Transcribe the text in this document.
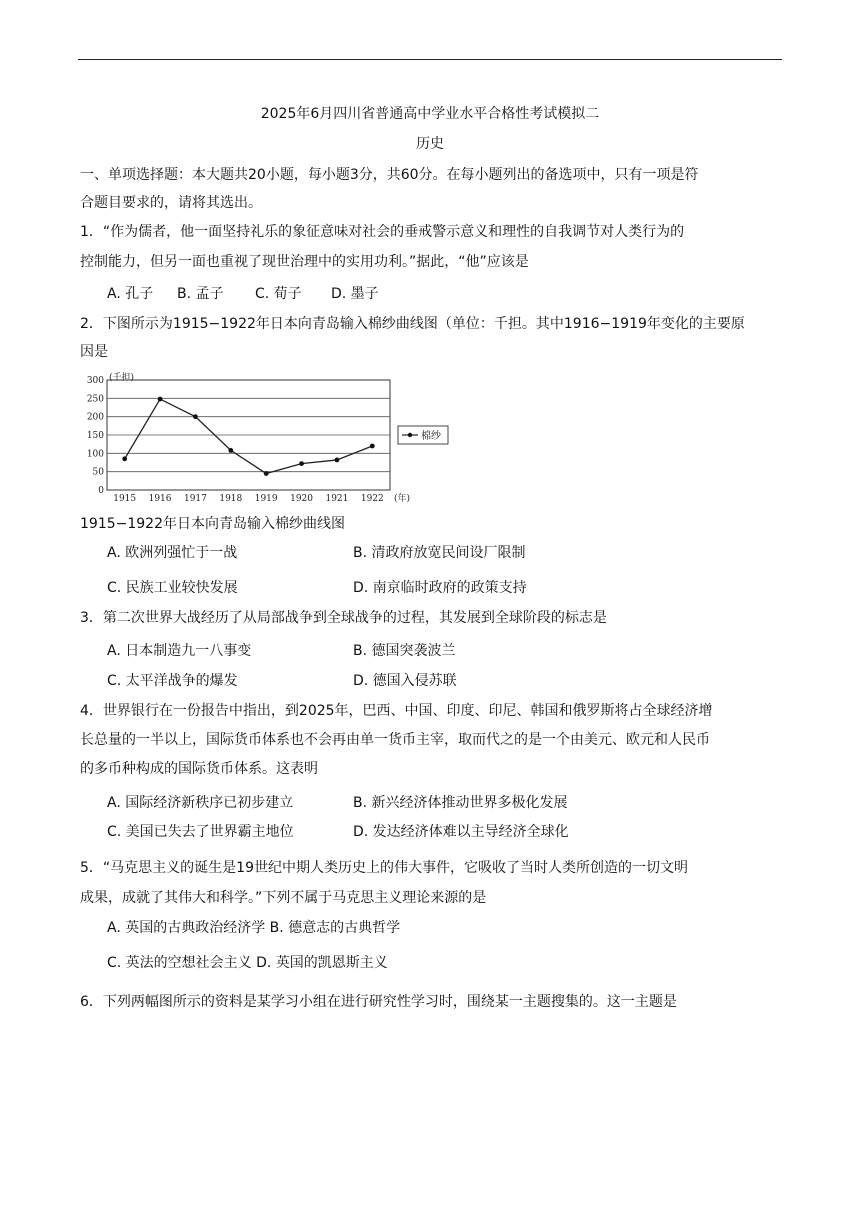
2025年6月四川省普通高中学业水平合格性考试模拟二
历史
一、单项选择题：本大题共20小题，每小题3分，共60分。在每小题列出的备选项中，只有一项是符
合题目要求的，请将其选出。
1．“作为儒者，他一面坚持礼乐的象征意味对社会的垂戒警示意义和理性的自我调节对人类行为的
控制能力，但另一面也重视了现世治理中的实用功利。”据此，“他”应该是
A. 孔子 B. 孟子 C. 荀子 D. 墨子
2．下图所示为1915−1922年日本向青岛输入棉纱曲线图（单位：千担。其中1916−1919年变化的主要原
因是
300
250
200
150
100
50
0
(千担)
1915 1916 1917 1918 1919 1920 1921 1922 (年)
棉纱
1915−1922年日本向青岛输入棉纱曲线图
A. 欧洲列强忙于一战	B. 清政府放宽民间设厂限制
C. 民族工业较快发展	D. 南京临时政府的政策支持
3．第二次世界大战经历了从局部战争到全球战争的过程，其发展到全球阶段的标志是
A. 日本制造九一八事变	B. 德国突袭波兰
C. 太平洋战争的爆发	D. 德国入侵苏联
4．世界银行在一份报告中指出，到2025年，巴西、中国、印度、印尼、韩国和俄罗斯将占全球经济增
长总量的一半以上，国际货币体系也不会再由单一货币主宰，取而代之的是一个由美元、欧元和人民币
的多币种构成的国际货币体系。这表明
A. 国际经济新秩序已初步建立	B. 新兴经济体推动世界多极化发展
C. 美国已失去了世界霸主地位	D. 发达经济体难以主导经济全球化
5．“马克思主义的诞生是19世纪中期人类历史上的伟大事件，它吸收了当时人类所创造的一切文明
成果，成就了其伟大和科学。”下列不属于马克思主义理论来源的是
A. 英国的古典政治经济学 B. 德意志的古典哲学
C. 英法的空想社会主义 D. 英国的凯恩斯主义
6．下列两幅图所示的资料是某学习小组在进行研究性学习时，围绕某一主题搜集的。这一主题是
